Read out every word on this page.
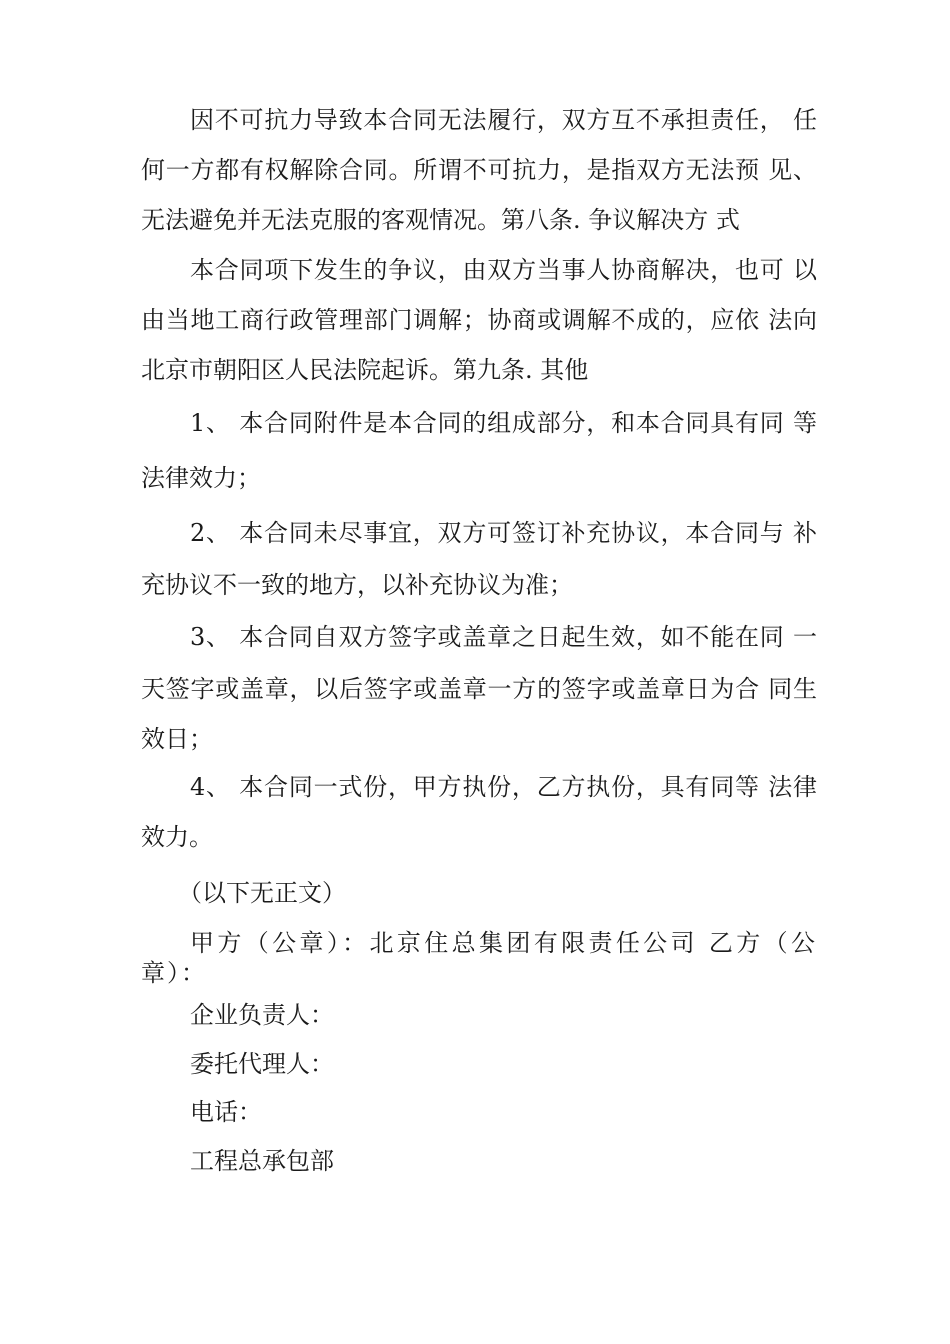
因不可抗力导致本合同无法履行，双方互不承担责任， 任

何一方都有权解除合同。所谓不可抗力，是指双方无法预 见、

无法避免并无法克服的客观情况。第八条. 争议解决方 式

本合同项下发生的争议，由双方当事人协商解决，也可 以

由当地工商行政管理部门调解；协商或调解不成的，应依 法向

北京市朝阳区人民法院起诉。第九条. 其他

1、 本合同附件是本合同的组成部分，和本合同具有同 等

法律效力；

2、 本合同未尽事宜，双方可签订补充协议，本合同与 补

充协议不一致的地方，以补充协议为准；

3、 本合同自双方签字或盖章之日起生效，如不能在同 一

天签字或盖章，以后签字或盖章一方的签字或盖章日为合 同生

效日；

4、 本合同一式份，甲方执份，乙方执份，具有同等 法律

效力。

（以下无正文）

甲方（公章）：北京住总集团有限责任公司 乙方（公

章）：

企业负责人：

委托代理人：

电话：

工程总承包部
